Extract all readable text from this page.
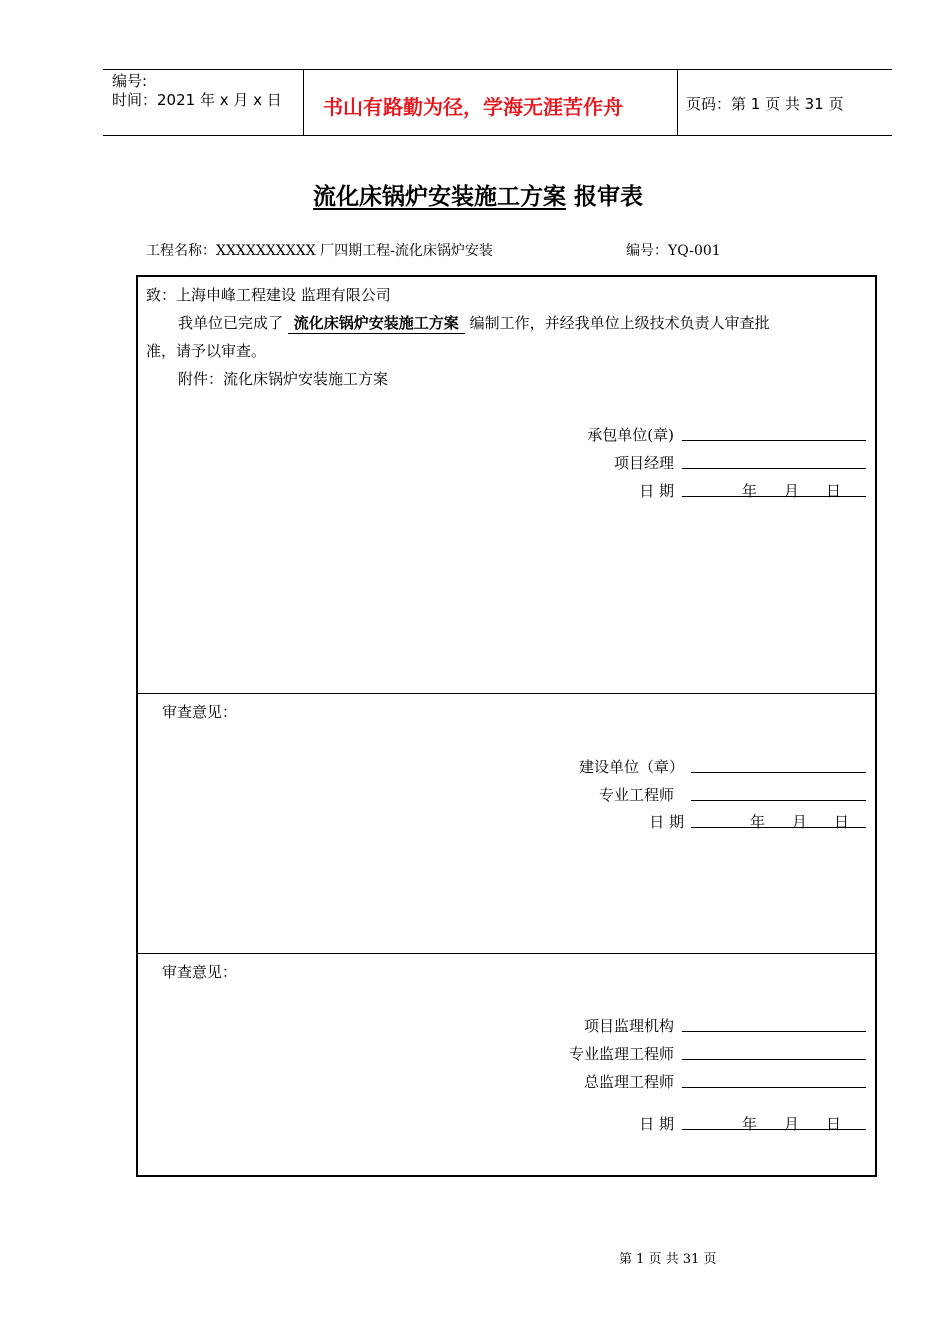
编号:
时间：2021 年 x 月 x 日 书山有路勤为径，学海无涯苦作舟	页码：第 1 页 共 31 页
流化床锅炉安装施工方案 报审表
工程名称：XXXXXXXXXX 厂四期工程-流化床锅炉安装	编号：YQ-001
致：上海申峰工程建设 监理有限公司
我单位已完成了 流化床锅炉安装施工方案 编制工作，并经我单位上级技术负责人审查批
准，请予以审查。
附件：流化床锅炉安装施工方案
承包单位(章)
项目经理
日 期	年 月 日
审查意见：
建设单位（章）
专业工程师
日 期	年 月 日
审查意见：
项目监理机构
专业监理工程师
总监理工程师
日 期	年 月 日
第 1 页 共 31 页
